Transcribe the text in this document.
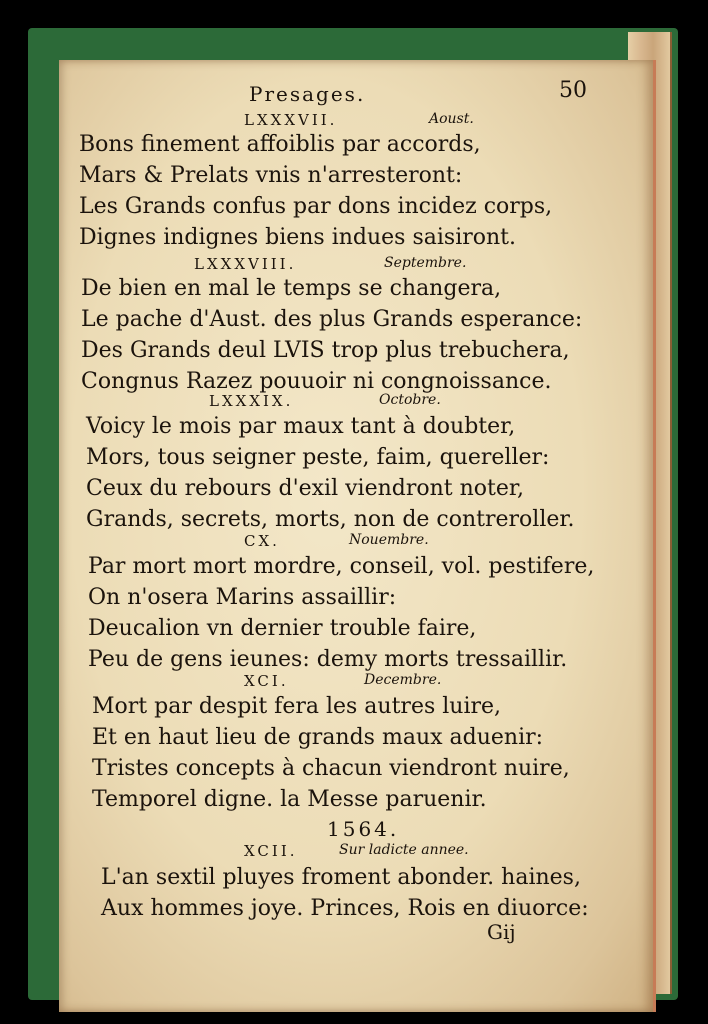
Presages.	50
LXXXVII.	Aoust.
Bons finement affoiblis par accords,
Mars & Prelats vnis n'arresteront:
Les Grands confus par dons incidez corps,
Dignes indignes biens indues saisiront.
LXXXVIII.	Septembre.
De bien en mal le temps se changera,
Le pache d'Aust. des plus Grands esperance:
Des Grands deul LVIS trop plus trebuchera,
Congnus Razez pouuoir ni congnoissance.
LXXXIX.	Octobre.
Voicy le mois par maux tant à doubter,
Mors, tous seigner peste, faim, quereller:
Ceux du rebours d'exil viendront noter,
Grands, secrets, morts, non de contreroller.
CX.	Nouembre.
Par mort mort mordre, conseil, vol. pestifere,
On n'osera Marins assaillir:
Deucalion vn dernier trouble faire,
Peu de gens ieunes: demy morts tressaillir.
XCI.	Decembre.
Mort par despit fera les autres luire,
Et en haut lieu de grands maux aduenir:
Tristes concepts à chacun viendront nuire,
Temporel digne. la Messe paruenir.
1564.
XCII.	Sur ladicte annee.
L'an sextil pluyes froment abonder. haines,
Aux hommes joye. Princes, Rois en diuorce:
Gij
